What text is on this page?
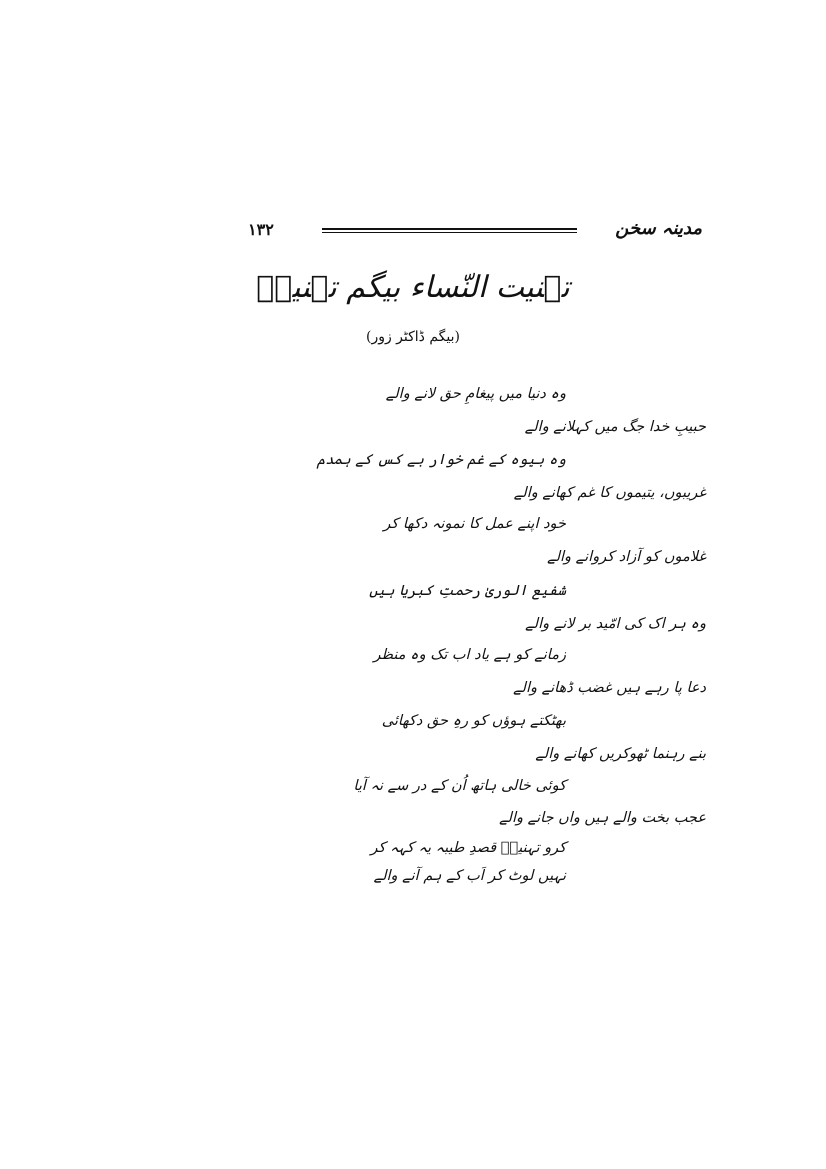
۱۳۲	مدینہ سخن
تہنیت النّساء بیگم تہنیتؔ
(بیگم ڈاکٹر زور)
وہ دنیا میں پیغامِ حق لانے والے
حبیبِ خدا جگ میں کہلانے والے
وہ بیوہ کے غم خوار بے کس کے ہمدم
غریبوں، یتیموں کا غم کھانے والے
خود اپنے عمل کا نمونہ دکھا کر
غلاموں کو آزاد کروانے والے
شفیع الوریٰ رحمتِ کبریا ہیں
وہ ہر اک کی امّید بر لانے والے
زمانے کو ہے یاد اب تک وہ منظر
دعا پا رہے ہیں غضب ڈھانے والے
بھٹکتے ہوؤں کو رہِ حق دکھائی
بنے رہنما ٹھوکریں کھانے والے
کوئی خالی ہاتھ اُن کے در سے نہ آیا
عجب بخت والے ہیں واں جانے والے
کرو تہنیتؔ قصدِ طیبہ یہ کہہ کر
نہیں لوٹ کر اَب کے ہم آنے والے
